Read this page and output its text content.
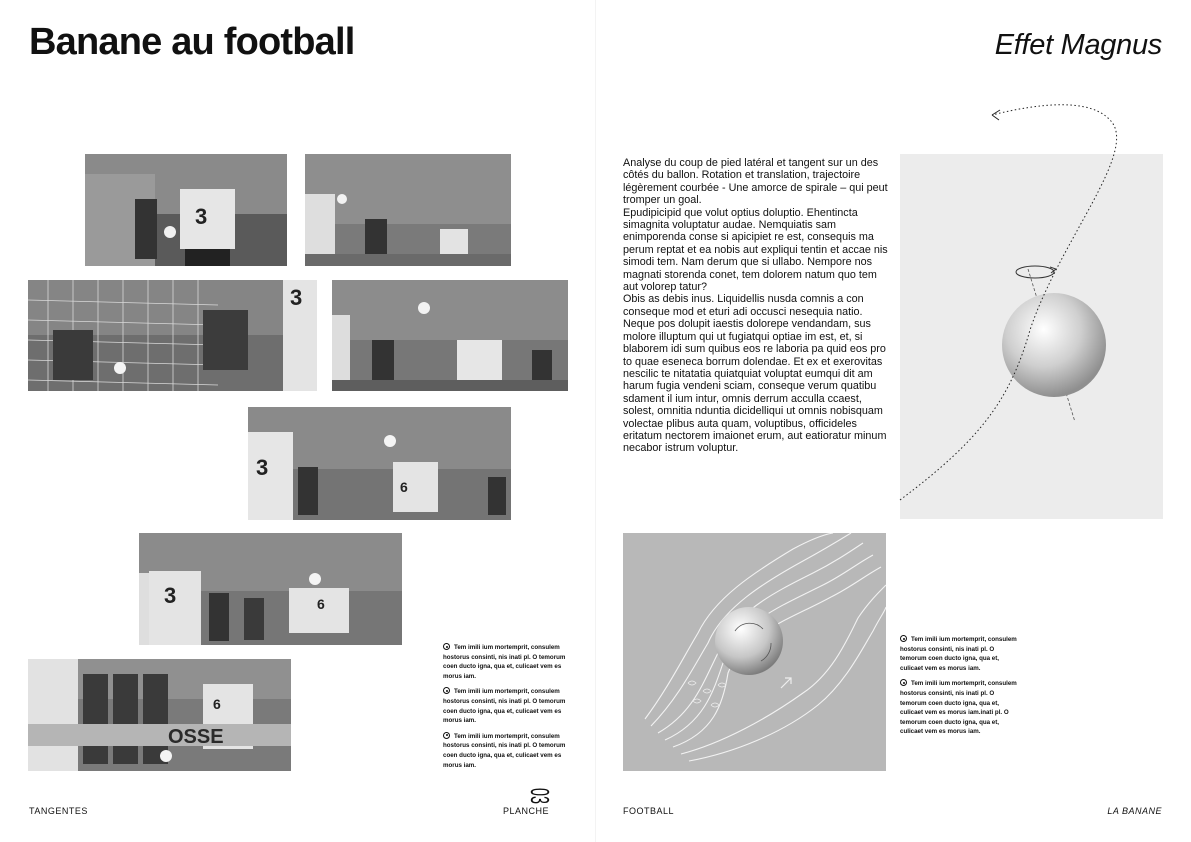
Banane au football	Effet Magnus
3
3
3
6
3	6
6
OSSE
Tem imili ium mortemprit, consulem hostorus consinti, nis inati pl. O temorum coen ducto igna, qua et, culicaet vem es morus iam.
Tem imili ium mortemprit, consulem hostorus consinti, nis inati pl. O temorum coen ducto igna, qua et, culicaet vem es morus iam.
Tem imili ium mortemprit, consulem hostorus consinti, nis inati pl. O temorum coen ducto igna, qua et, culicaet vem es morus iam.

Analyse du coup de pied latéral et tangent sur un des côtés du ballon. Rotation et translation, trajectoire légèrement courbée - Une amorce de spirale – qui peut tromper un goal.

Epudipicipid que volut optius doluptio. Ehentincta simagnita voluptatur audae. Nemquiatis sam enimporenda conse si apicipiet re est, consequis ma perum reptat et ea nobis aut expliqui tentin et accae nis simodi tem. Nam derum que si ullabo. Nempore nos magnati storenda conet, tem dolorem natum quo tem aut volorep tatur?

Obis as debis inus. Liquidellis nusda comnis a con conseque mod et eturi adi occusci nesequia natio. Neque pos dolupit iaestis dolorepe vendandam, sus molore illuptum qui ut fugiatqui optiae im est, et, si blaborem idi sum quibus eos re laboria pa quid eos pro to quae eseneca borrum dolendae. Et ex et exerovitas nescilic te nitatatia quiatquiat voluptat eumqui dit am harum fugia vendeni sciam, conseque verum quatibu sdament il ium intur, omnis derrum acculla ccaest, solest, omnitia nduntia dicidelliqui ut omnis nobisquam volectae plibus auta quam, voluptibus, officideles eritatum nectorem imaionet erum, aut eatioratur minum necabor istrum voluptur.

Tem imili ium mortemprit, consulem hostorus consinti, nis inati pl. O temorum coen ducto igna, qua et, culicaet vem es morus iam.
Tem imili ium mortemprit, consulem hostorus consinti, nis inati pl. O temorum coen ducto igna, qua et, culicaet vem es morus iam.inati pl. O temorum coen ducto igna, qua et, culicaet vem es morus iam.
TANGENTES	PLANCHE
03
FOOTBALL	LA BANANE
